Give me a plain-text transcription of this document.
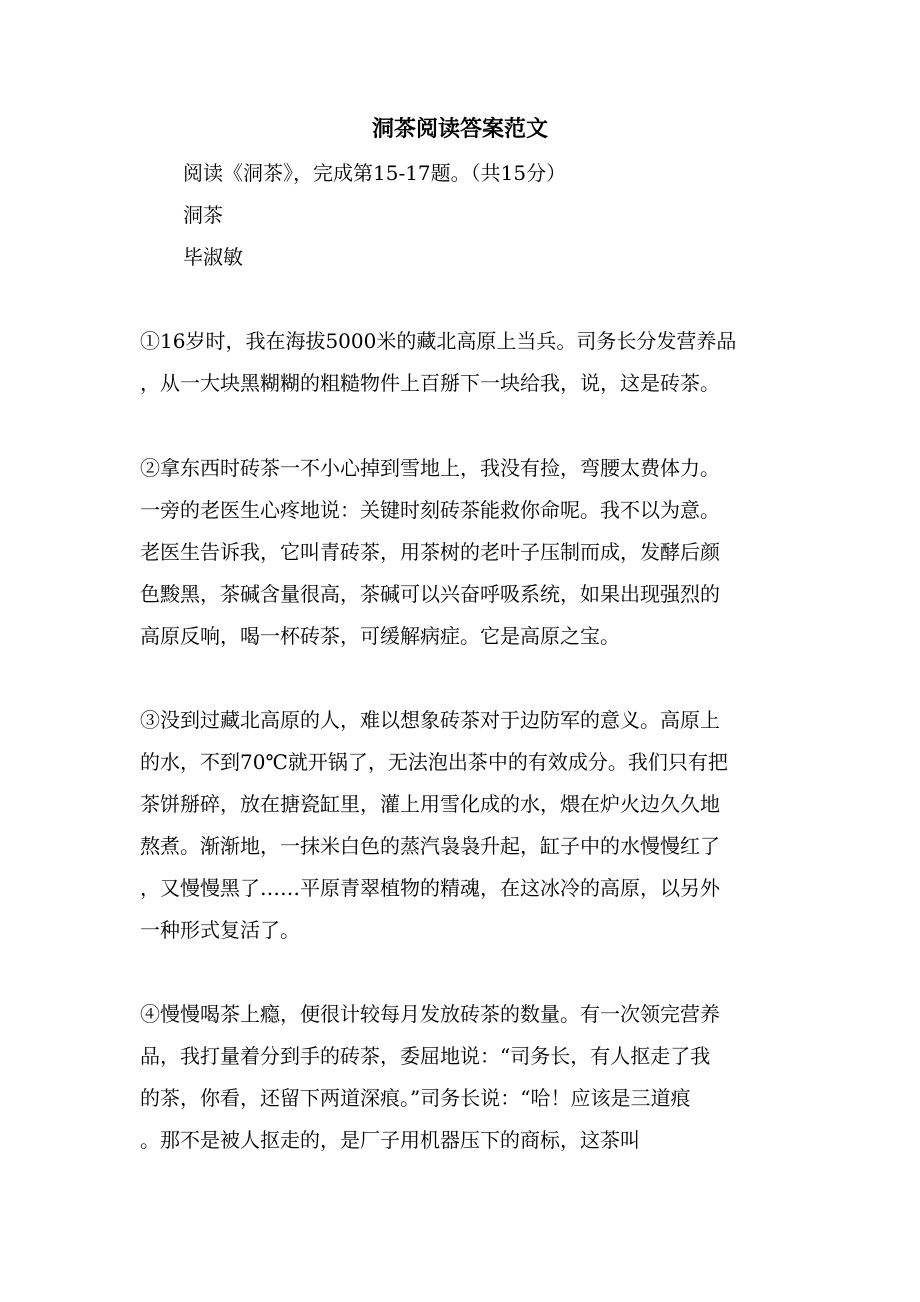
洞茶阅读答案范文
阅读《洞茶》，完成第15-17题。（共15分）
洞茶
毕淑敏
①16岁时，我在海拔5000米的藏北高原上当兵。司务长分发营养品
，从一大块黑糊糊的粗糙物件上百掰下一块给我，说，这是砖茶。
②拿东西时砖茶一不小心掉到雪地上，我没有捡，弯腰太费体力。
一旁的老医生心疼地说：关键时刻砖茶能救你命呢。我不以为意。
老医生告诉我，它叫青砖茶，用茶树的老叶子压制而成，发酵后颜
色黢黑，茶碱含量很高，茶碱可以兴奋呼吸系统，如果出现强烈的
高原反响，喝一杯砖茶，可缓解病症。它是高原之宝。
③没到过藏北高原的人，难以想象砖茶对于边防军的意义。高原上
的水，不到70℃就开锅了，无法泡出茶中的有效成分。我们只有把
茶饼掰碎，放在搪瓷缸里，灌上用雪化成的水，煨在炉火边久久地
熬煮。渐渐地，一抹米白色的蒸汽袅袅升起，缸子中的水慢慢红了
，又慢慢黑了……平原青翠植物的精魂，在这冰冷的高原，以另外
一种形式复活了。
④慢慢喝茶上瘾，便很计较每月发放砖茶的数量。有一次领完营养
品，我打量着分到手的砖茶，委屈地说：“司务长，有人抠走了我
的茶，你看，还留下两道深痕。”司务长说：“哈！应该是三道痕
。那不是被人抠走的，是厂子用机器压下的商标，这茶叫
